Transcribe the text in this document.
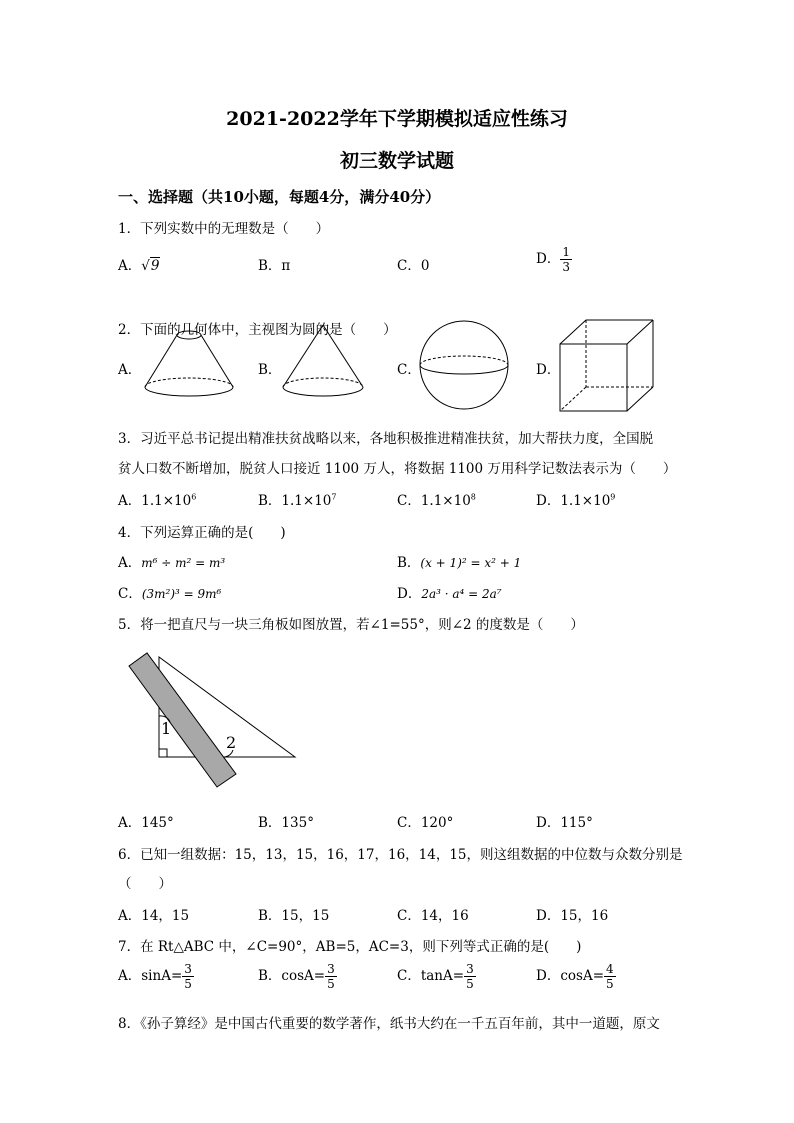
2021-2022学年下学期模拟适应性练习
初三数学试题
一、选择题（共10小题，每题4分，满分40分）
1．下列实数中的无理数是（　　）
A．√9	B．π	C．0	D． $\frac{1}{3}$
2．下面的几何体中，主视图为圆的是（　　）
A．	B．	C．	D．
3．习近平总书记提出精准扶贫战略以来，各地积极推进精准扶贫，加大帮扶力度，全国脱
贫人口数不断增加，脱贫人口接近 1100 万人，将数据 1100 万用科学记数法表示为（　　）
A．$1.1\times 10^6$	B．$1.1\times 10^7$	C．$1.1\times 10^8$	D．$1.1\times 10^9$
4．下列运算正确的是(　　)
A．m⁶ ÷ m² = m³	B．(x + 1)² = x² + 1
C．(3m²)³ = 9m⁶	D．2a³ · a⁴ = 2a⁷
5．将一把直尺与一块三角板如图放置，若∠1=55°，则∠2 的度数是（　　）
1
2
A．145°	B．135°	C．120°	D．115°
6．已知一组数据：15，13，15，16，17，16，14，15，则这组数据的中位数与众数分别是
（　　）
A．14，15	B．15，15	C．14，16	D．15，16
7．在 Rt△ABC 中，∠C=90°，AB=5，AC=3，则下列等式正确的是(　　)
A．$\sin A= \frac{3}{5}$	B．$\cos A= \frac{3}{5}$	C．$\tan A= \frac{3}{5}$	D．$\cos A= \frac{4}{5}$
8．《孙子算经》是中国古代重要的数学著作，纸书大约在一千五百年前，其中一道题，原文
